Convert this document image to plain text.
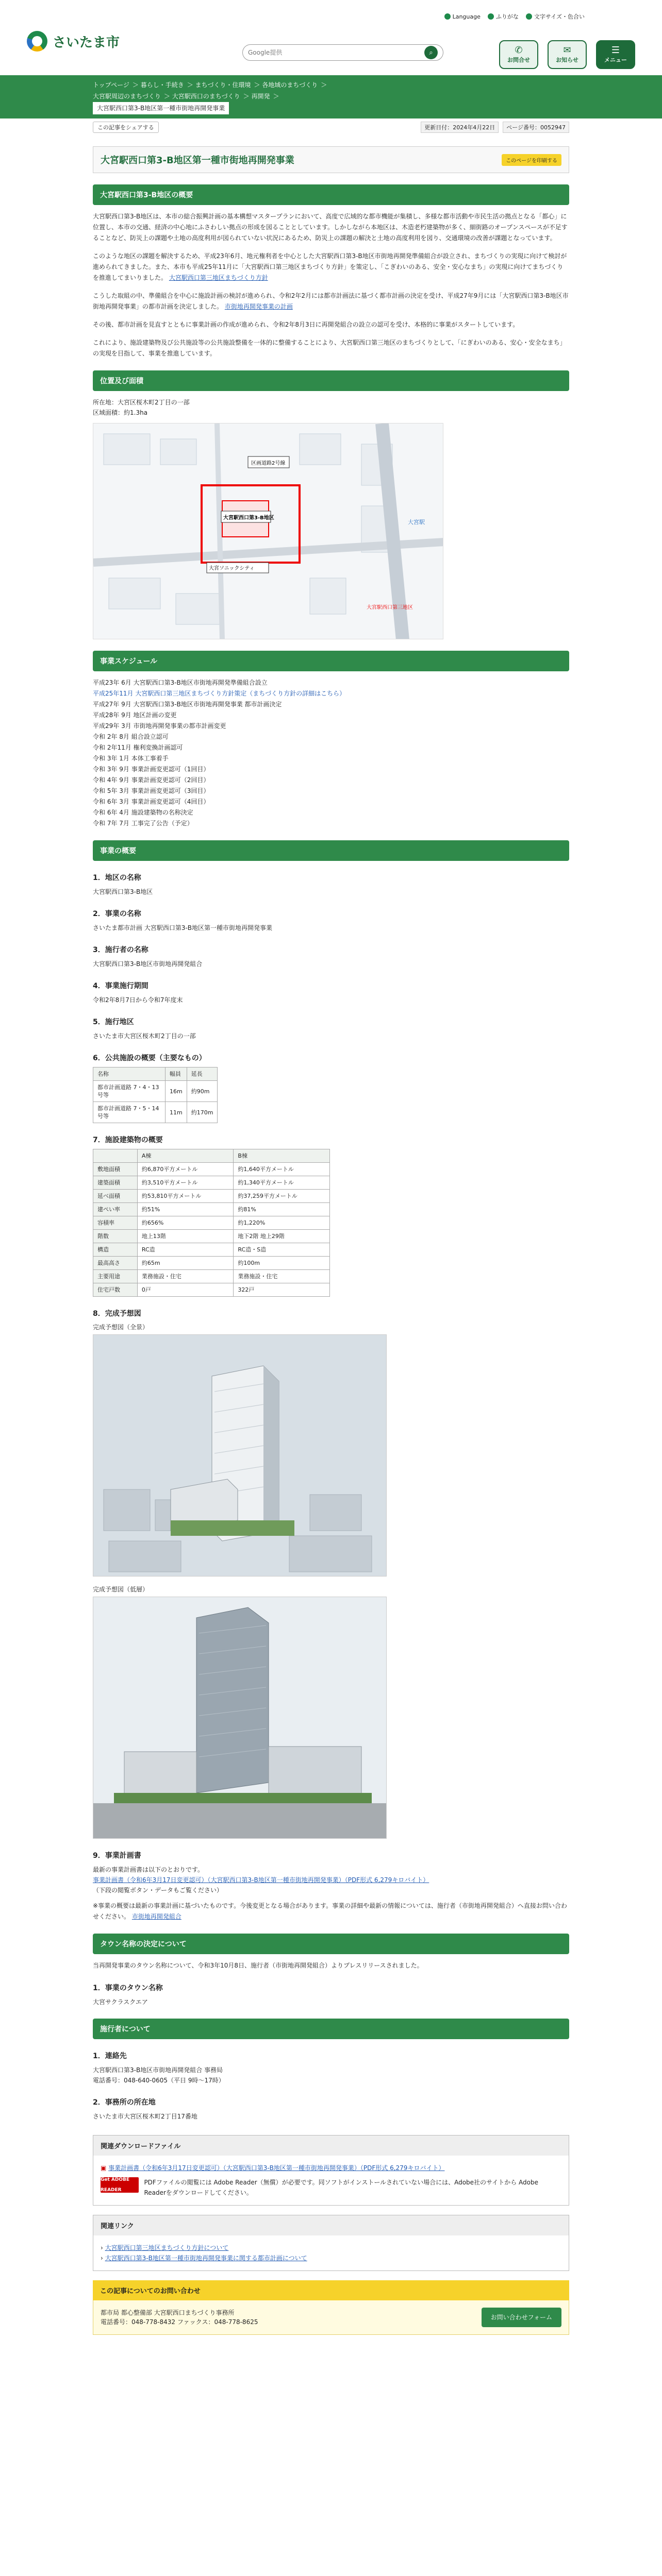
さいたま市
Language	ふりがな	文字サイズ・色合い
Google提供
⌕	✆
お問合せ
✉
お知らせ
☰
メニュー
トップページ ＞ 暮らし・手続き ＞ まちづくり・住環境 ＞ 各地域のまちづくり ＞
大宮駅周辺のまちづくり ＞ 大宮駅西口のまちづくり ＞ 再開発 ＞
大宮駅西口第3-B地区第一種市街地再開発事業
この記事をシェアする	更新日付：2024年4月22日	ページ番号：0052947
大宮駅西口第3-B地区第一種市街地再開発事業	このページを印刷する
大宮駅西口第3-B地区の概要

大宮駅西口第3-B地区は、本市の総合振興計画の基本構想マスタープランにおいて、高度で広域的な都市機能が集積し、多様な都市活動や市民生活の拠点となる「都心」に位置し、本市の交通、経済の中心地にふさわしい拠点の形成を図ることとしています。しかしながら本地区は、木造老朽建築物が多く、細街路のオープンスペースが不足することなど、防災上の課題や土地の高度利用が図られていない状況にあるため、防災上の課題の解決と土地の高度利用を図り、交通環境の改善が課題となっています。

このような地区の課題を解決するため、平成23年6月、地元権利者を中心とした大宮駅西口第3-B地区市街地再開発準備組合が設立され、まちづくりの実現に向けて検討が進められてきました。また、本市も平成25年11月に「大宮駅西口第三地区まちづくり方針」を策定し、「こぎわいのある、安全・安心なまち」の実現に向けてまちづくりを推進してまいりました。 大宮駅西口第三地区まちづくり方針

こうした取組の中、準備組合を中心に施設計画の検討が進められ、令和2年2月には都市計画法に基づく都市計画の決定を受け、平成27年9月には「大宮駅西口第3-B地区市街地再開発事業」の都市計画を決定しました。 市街地再開発事業の計画

その後、都市計画を見直すとともに事業計画の作成が進められ、令和2年8月3日に再開発組合の設立の認可を受け、本格的に事業がスタートしています。

これにより、施設建築物及び公共施設等の公共施設整備を一体的に整備することにより、大宮駅西口第三地区のまちづくりとして、「にぎわいのある、安心・安全なまち」の実現を目指して、事業を推進しています。

位置及び面積
所在地：大宮区桜木町2丁目の一部
区域面積：約1.3ha
区画道路2号線
大宮駅西口第3-B地区
大宮駅
大宮ソニックシティ
大宮駅西口第三地区
事業スケジュール
平成23年 6月 大宮駅西口第3-B地区市街地再開発準備組合設立
平成25年11月 大宮駅西口第三地区まちづくり方針策定（まちづくり方針の詳細はこちら）
平成27年 9月 大宮駅西口第3-B地区市街地再開発事業 都市計画決定
平成28年 9月 地区計画の変更
平成29年 3月 市街地再開発事業の都市計画変更
令和 2年 8月 組合設立認可
令和 2年11月 権利変換計画認可
令和 3年 1月 本体工事着手
令和 3年 9月 事業計画変更認可（1回目）
令和 4年 9月 事業計画変更認可（2回目）
令和 5年 3月 事業計画変更認可（3回目）
令和 6年 3月 事業計画変更認可（4回目）
令和 6年 4月 施設建築物の名称決定
令和 7年 7月 工事完了公告（予定）
事業の概要
1．地区の名称
大宮駅西口第3-B地区
2．事業の名称
さいたま都市計画 大宮駅西口第3-B地区第一種市街地再開発事業
3．施行者の名称
大宮駅西口第3-B地区市街地再開発組合
4．事業施行期間
令和2年8月7日から令和7年度末
5．施行地区
さいたま市大宮区桜木町2丁目の一部
6．公共施設の概要（主要なもの）
名称	幅員	延長
都市計画道路 7・4・13号等	16m	約90m
都市計画道路 7・5・14号等	11m	約170m
7．施設建築物の概要
	A棟	B棟
敷地面積	約6,870平方メートル	約1,640平方メートル
建築面積	約3,510平方メートル	約1,340平方メートル
延べ面積	約53,810平方メートル	約37,259平方メートル
建ぺい率	約51%	約81%
容積率	約656%	約1,220%
階数	地上13階	地下2階 地上29階
構造	RC造	RC造・S造
最高高さ	約65m	約100m
主要用途	業務施設・住宅	業務施設・住宅
住宅戸数	0戸	322戸
8．完成予想図
完成予想図（全景）
完成予想図（低層）
9．事業計画書
最新の事業計画書は以下のとおりです。
事業計画書（令和6年3月17日変更認可）（大宮駅西口第3-B地区第一種市街地再開発事業）（PDF形式 6,279キロバイト）
（下段の閲覧ボタン・データもご覧ください）

※事業の概要は最新の事業計画に基づいたものです。今後変更となる場合があります。事業の詳細や最新の情報については、施行者（市街地再開発組合）へ直接お問い合わせください。 市街地再開発組合

タウン名称の決定について

当再開発事業のタウン名称について、令和3年10月8日、施行者（市街地再開発組合）よりプレスリリースされました。

1．事業のタウン名称
大宮サクラスクエア
施行者について
1．連絡先
大宮駅西口第3-B地区市街地再開発組合 事務局
電話番号：048-640-0605（平日 9時〜17時）
2．事務所の所在地
さいたま市大宮区桜木町2丁目17番地
関連ダウンロードファイル
▣ 事業計画書（令和6年3月17日変更認可）（大宮駅西口第3-B地区第一種市街地再開発事業）（PDF形式 6,279キロバイト）
Get ADOBE READER
PDFファイルの閲覧には Adobe Reader（無償）が必要です。同ソフトがインストールされていない場合には、Adobe社のサイトから Adobe Readerをダウンロードしてください。
関連リンク
› 大宮駅西口第三地区まちづくり方針について
› 大宮駅西口第3-B地区第一種市街地再開発事業に関する都市計画について
この記事についてのお問い合わせ
都市局 都心整備部 大宮駅西口まちづくり事務所
電話番号：048-778-8432 ファックス：048-778-8625
お問い合わせフォーム
